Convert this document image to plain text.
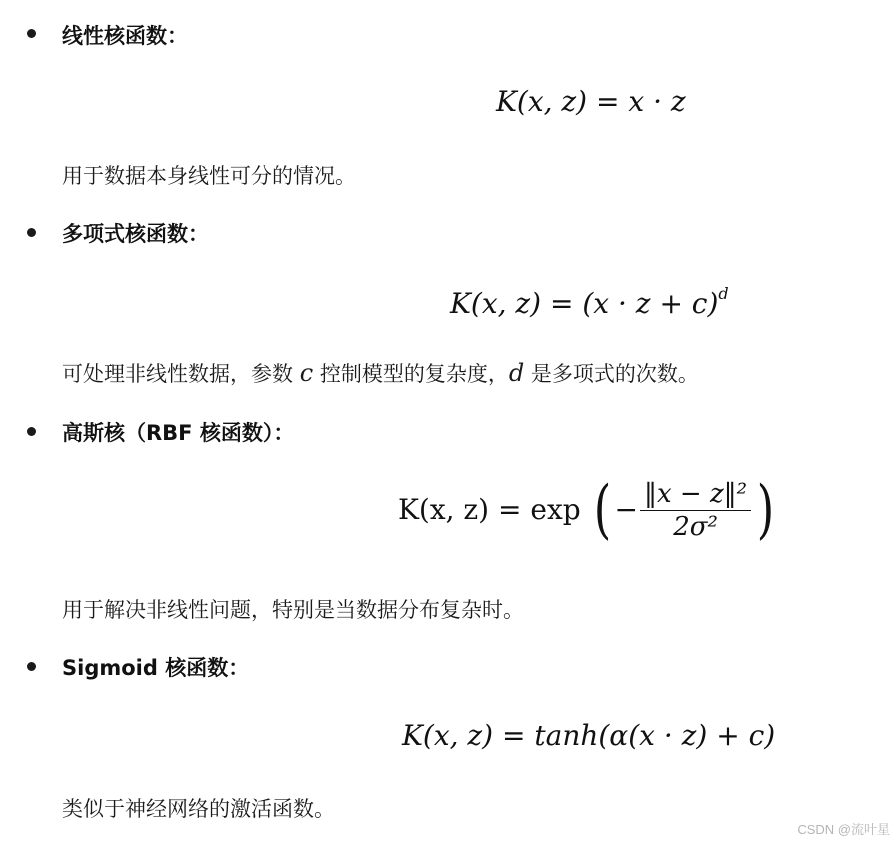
线性核函数：
K(x, z) = x · z
用于数据本身线性可分的情况。
多项式核函数：
K(x, $z) = (x \cdot z + c)^d$
可处理非线性数据，参数 c 控制模型的复杂度，d 是多项式的次数。
高斯核（RBF 核函数）：
K(x, z) = exp ( − $\frac{\text{‖x − z‖²}}{\text{2σ²}}$ )
用于解决非线性问题，特别是当数据分布复杂时。
Sigmoid 核函数：
K(x, z) = tanh(α(x · z) + c)
类似于神经网络的激活函数。
CSDN @流叶星
